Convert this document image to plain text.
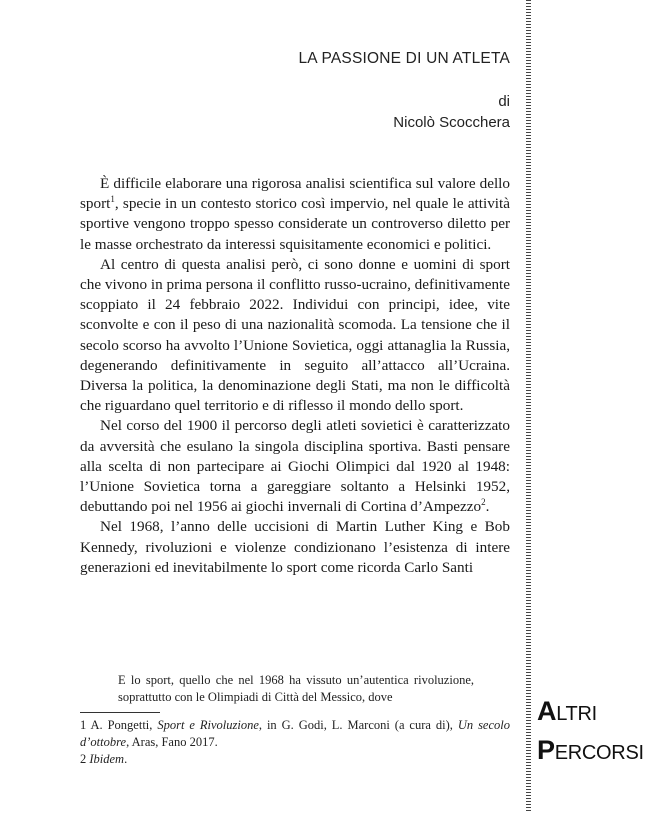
LA PASSIONE DI UN ATLETA
di
Nicolò Scocchera

È difficile elaborare una rigorosa analisi scientifica sul valore dello sport$^1$, specie in un contesto storico così impervio, nel quale le attività sportive vengono troppo spesso considerate un controverso diletto per le masse orchestrato da interessi squisitamente economici e politici.

Al centro di questa analisi però, ci sono donne e uomini di sport che vivono in prima persona il conflitto russo-ucraino, definitivamente scoppiato il 24 febbraio 2022. Individui con principi, idee, vite sconvolte e con il peso di una nazionalità scomoda. La tensione che il secolo scorso ha avvolto l’Unione Sovietica, oggi attanaglia la Russia, degenerando definitivamente in seguito all’attacco all’Ucraina. Diversa la politica, la denominazione degli Stati, ma non le difficoltà che riguardano quel territorio e di riflesso il mondo dello sport.

Nel corso del 1900 il percorso degli atleti sovietici è caratterizzato da avversità che esulano la singola disciplina sportiva. Basti pensare alla scelta di non partecipare ai Giochi Olimpici dal 1920 al 1948: l’Unione Sovietica torna a gareggiare soltanto a Helsinki 1952, debuttando poi nel 1956 ai giochi invernali di Cortina d’Ampezzo$^2$.

Nel 1968, l’anno delle uccisioni di Martin Luther King e Bob Kennedy, rivoluzioni e violenze condizionano l’esistenza di intere generazioni ed inevitabilmente lo sport come ricorda Carlo Santi

E lo sport, quello che nel 1968 ha vissuto un’autentica rivoluzione, soprattutto con le Olimpiadi di Città del Messico, dove

1 A. Pongetti, Sport e Rivoluzione, in G. Godi, L. Marconi (a cura di), Un secolo d’ottobre, Aras, Fano 2017.

2 Ibidem.

ALTRI
PERCORSI
